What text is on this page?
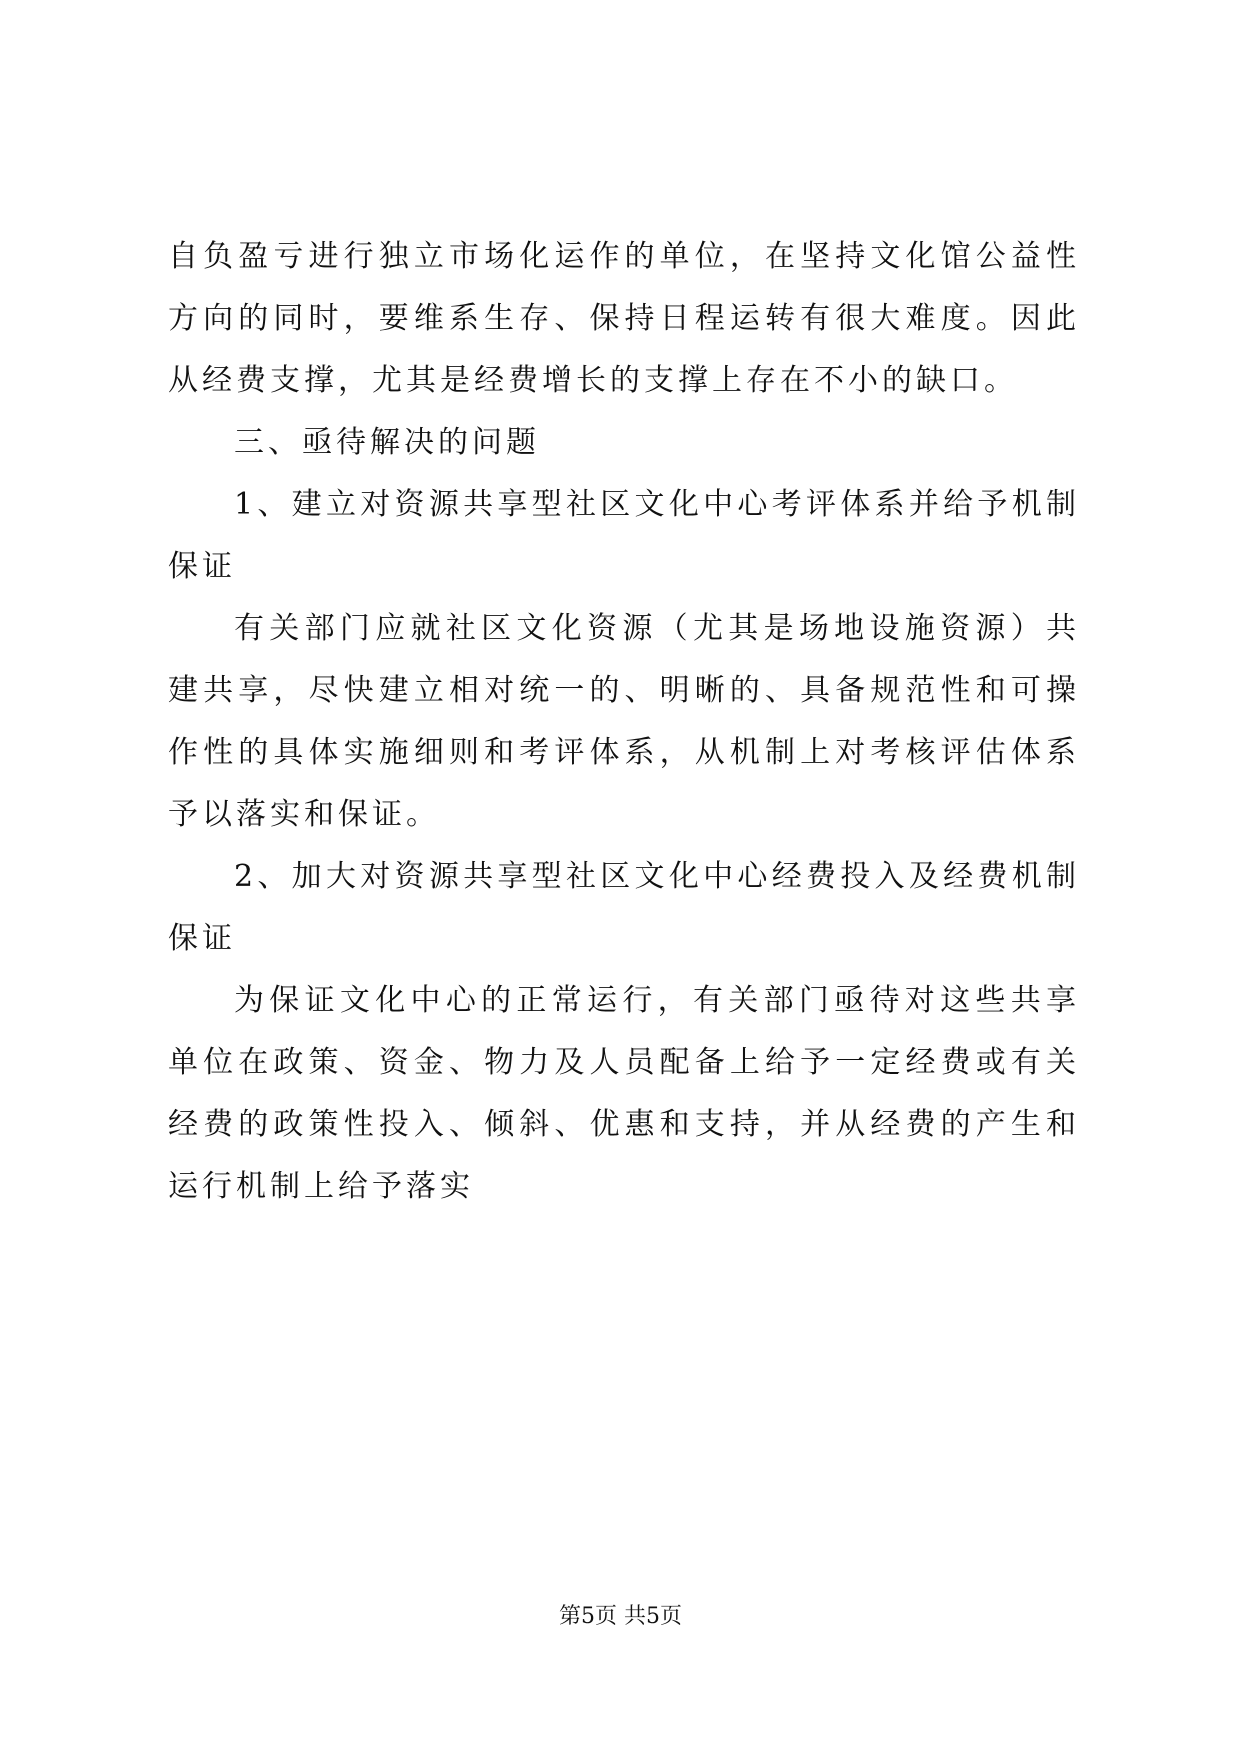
自负盈亏进行独立市场化运作的单位，在坚持文化馆公益性方向的同时，要维系生存、保持日程运转有很大难度。因此从经费支撑，尤其是经费增长的支撑上存在不小的缺口。

三、亟待解决的问题

1、建立对资源共享型社区文化中心考评体系并给予机制保证

有关部门应就社区文化资源（尤其是场地设施资源）共建共享，尽快建立相对统一的、明晰的、具备规范性和可操作性的具体实施细则和考评体系，从机制上对考核评估体系予以落实和保证。

2、加大对资源共享型社区文化中心经费投入及经费机制保证

为保证文化中心的正常运行，有关部门亟待对这些共享单位在政策、资金、物力及人员配备上给予一定经费或有关经费的政策性投入、倾斜、优惠和支持，并从经费的产生和运行机制上给予落实

第5页 共5页
